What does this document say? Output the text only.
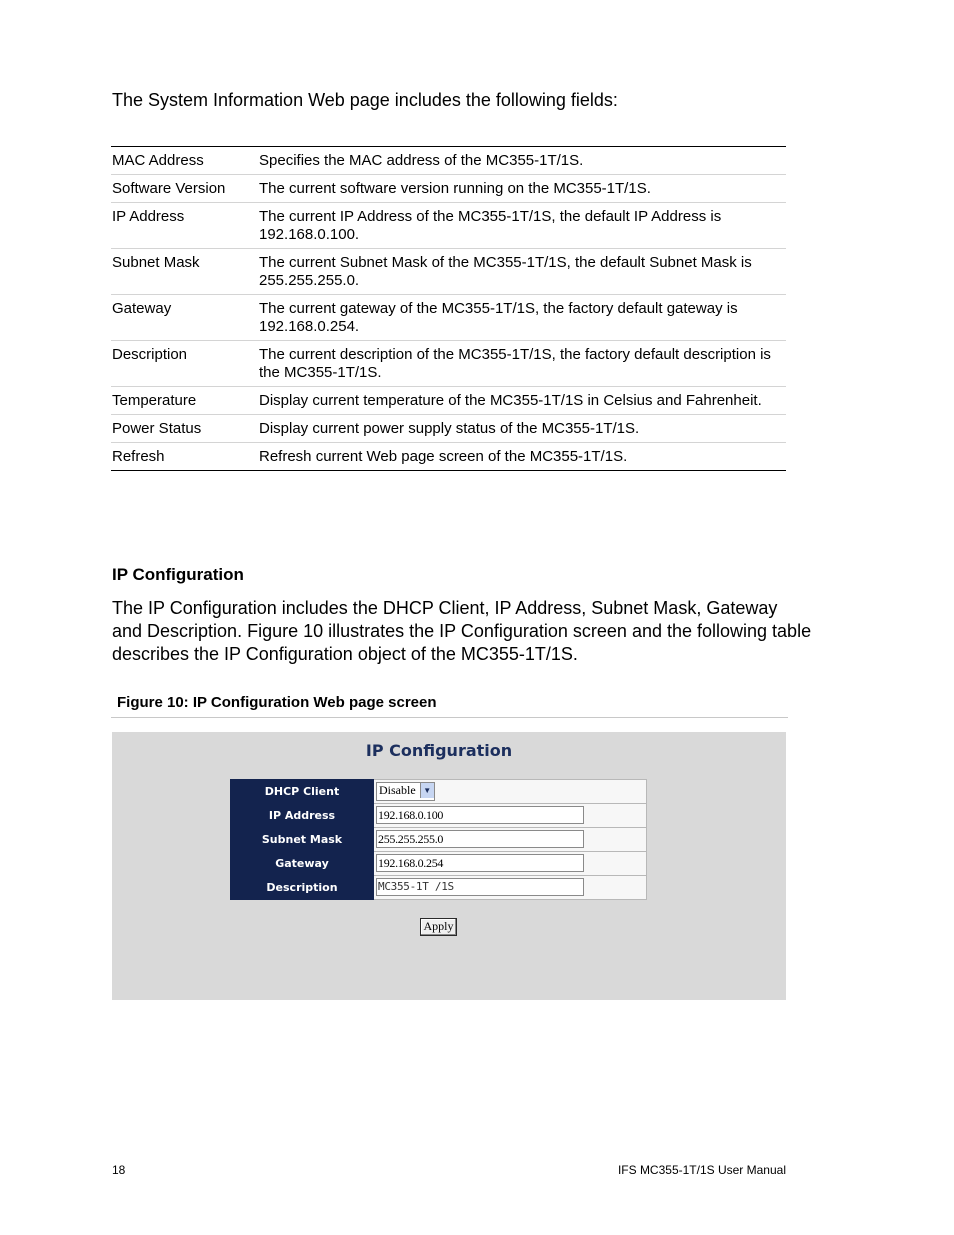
The System Information Web page includes the following fields:
MAC Address	Specifies the MAC address of the MC355-1T/1S.
Software Version	The current software version running on the MC355-1T/1S.
IP Address	The current IP Address of the MC355-1T/1S, the default IP Address is 192.168.0.100.
Subnet Mask	The current Subnet Mask of the MC355-1T/1S, the default Subnet Mask is 255.255.255.0.
Gateway	The current gateway of the MC355-1T/1S, the factory default gateway is 192.168.0.254.
Description	The current description of the MC355-1T/1S, the factory default description is the MC355-1T/1S.
Temperature	Display current temperature of the MC355-1T/1S in Celsius and Fahrenheit.
Power Status	Display current power supply status of the MC355-1T/1S.
Refresh	Refresh current Web page screen of the MC355-1T/1S.
IP Configuration
The IP Configuration includes the DHCP Client, IP Address, Subnet Mask, Gateway and Description. Figure 10 illustrates the IP Configuration screen and the following table describes the IP Configuration object of the MC355-1T/1S.
Figure 10: IP Configuration Web page screen
IP Configuration
DHCP Client	Disable ▼
IP Address	192.168.0.100
Subnet Mask	255.255.255.0
Gateway	192.168.0.254
Description	MC355-1T /1S
Apply
18	IFS MC355-1T/1S User Manual
